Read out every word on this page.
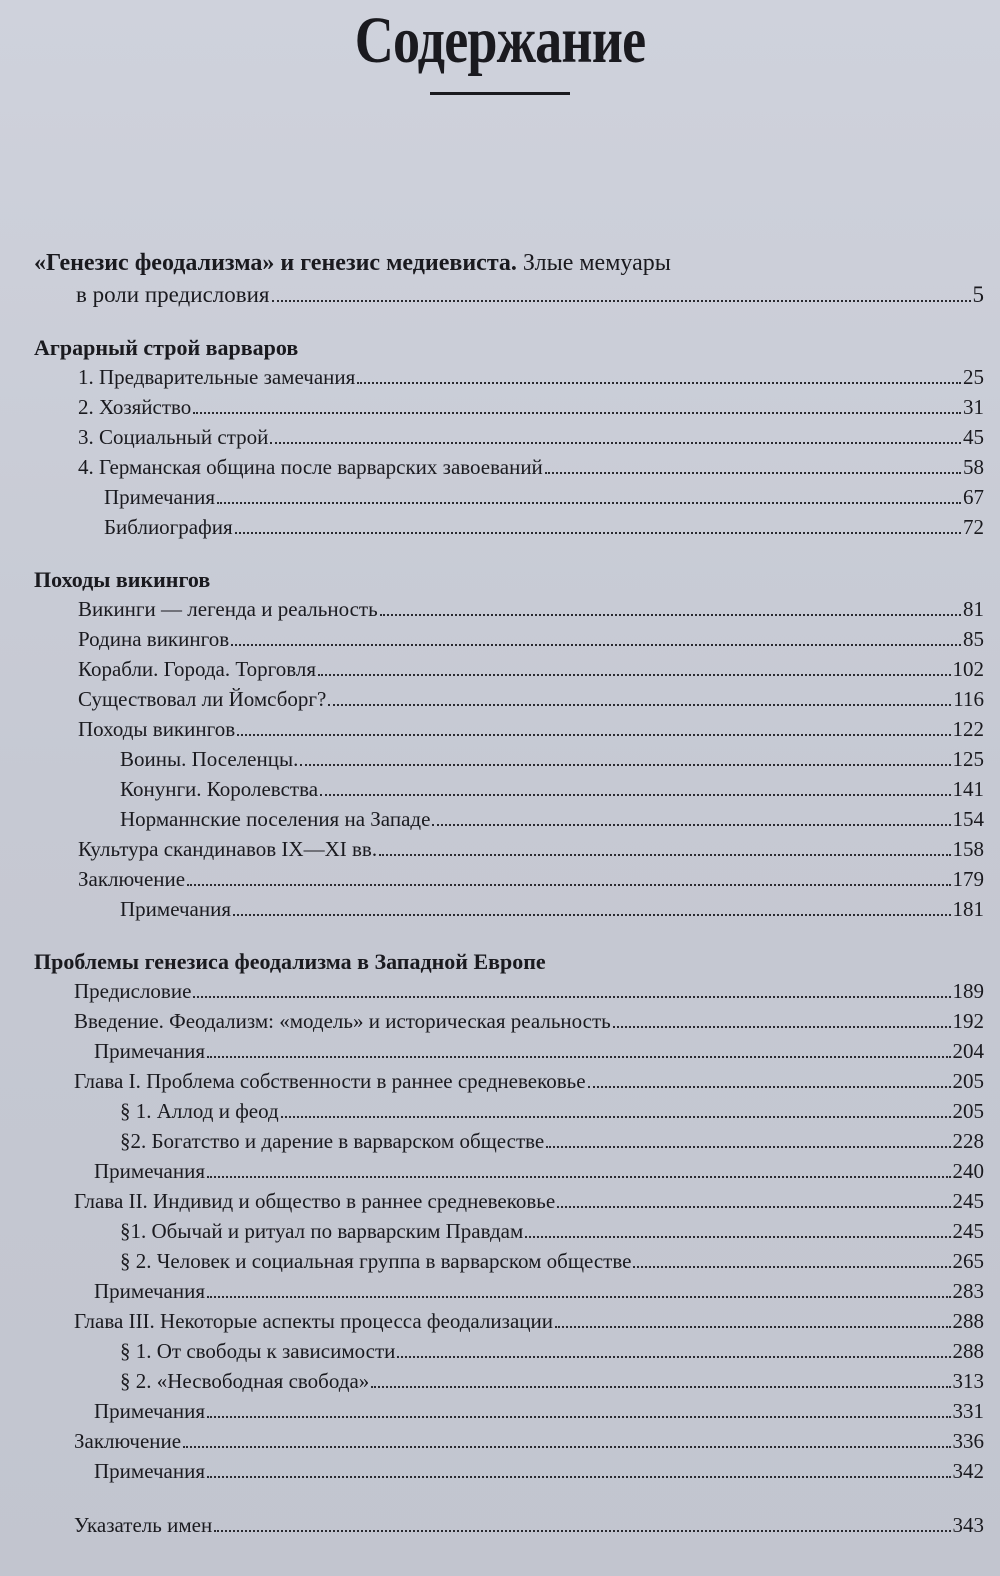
Содержание
«Генезис феодализма» и генезис медиевиста. Злые мемуары
в роли предисловия	5
Аграрный строй варваров
1. Предварительные замечания	25
2. Хозяйство	31
3. Социальный строй	45
4. Германская община после варварских завоеваний	58
Примечания	67
Библиография	72
Походы викингов
Викинги — легенда и реальность	81
Родина викингов	85
Корабли. Города. Торговля	102
Существовал ли Йомсборг?	116
Походы викингов	122
Воины. Поселенцы.	125
Конунги. Королевства	141
Норманнские поселения на Западе	154
Культура скандинавов IX—XI вв.	158
Заключение	179
Примечания	181
Проблемы генезиса феодализма в Западной Европе
Предисловие	189
Введение. Феодализм: «модель» и историческая реальность	192
Примечания	204
Глава I. Проблема собственности в раннее средневековье	205
§ 1. Аллод и феод	205
§2. Богатство и дарение в варварском обществе	228
Примечания	240
Глава II. Индивид и общество в раннее средневековье	245
§1. Обычай и ритуал по варварским Правдам	245
§ 2. Человек и социальная группа в варварском обществе	265
Примечания	283
Глава III. Некоторые аспекты процесса феодализации	288
§ 1. От свободы к зависимости	288
§ 2. «Несвободная свобода»	313
Примечания	331
Заключение	336
Примечания	342
Указатель имен	343
